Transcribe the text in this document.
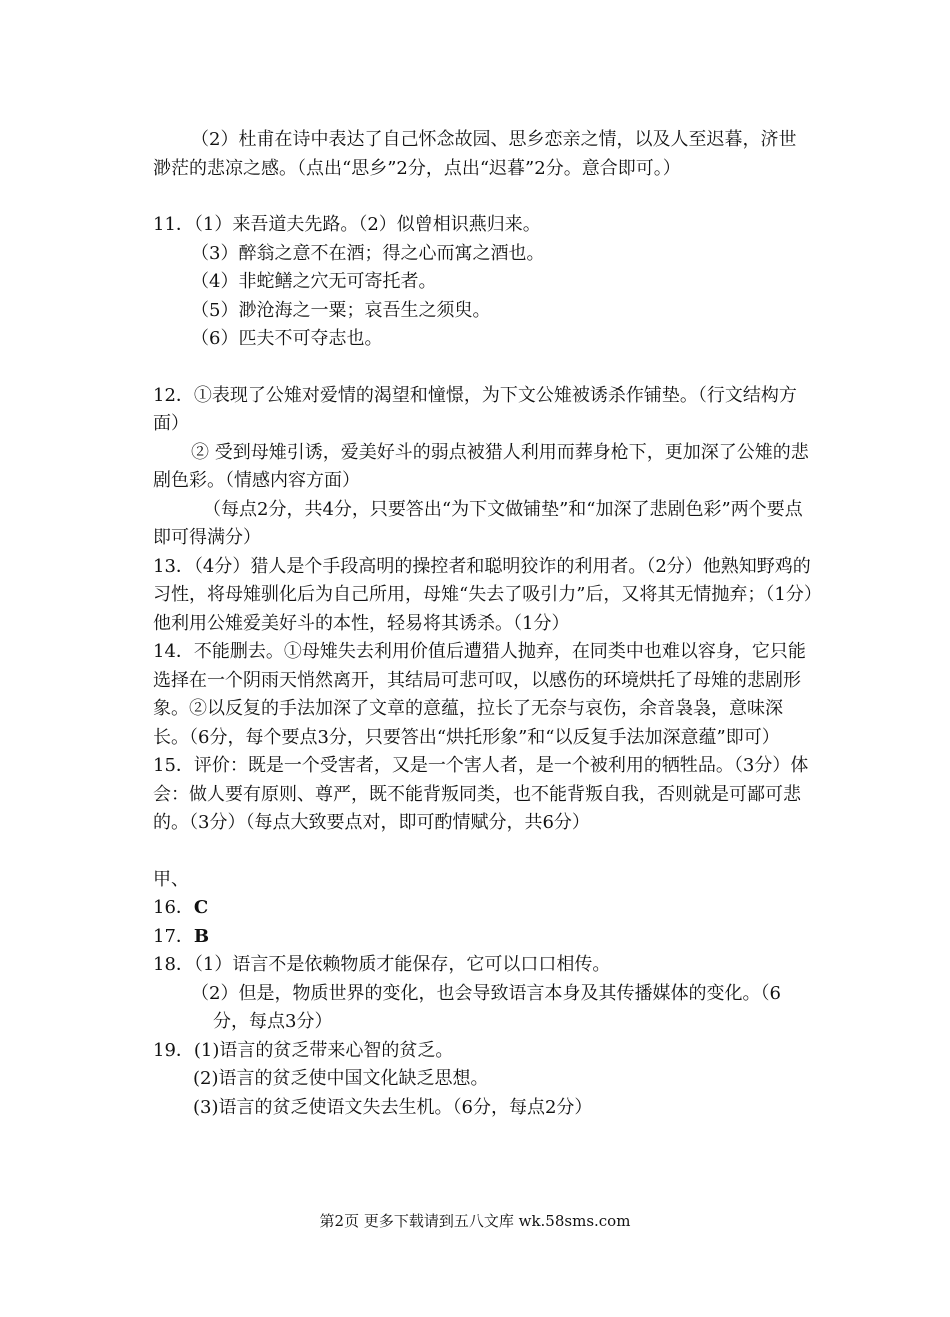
（2）杜甫在诗中表达了自己怀念故园、思乡恋亲之情，以及人至迟暮，济世渺茫的悲凉之感。（点出“思乡”2分，点出“迟暮”2分。意合即可。）

11．（1）来吾道夫先路。（2）似曾相识燕归来。

（3）醉翁之意不在酒；得之心而寓之酒也。

（4）非蛇鳝之穴无可寄托者。

（5）渺沧海之一粟；哀吾生之须臾。

（6）匹夫不可夺志也。

12．①表现了公雉对爱情的渴望和憧憬，为下文公雉被诱杀作铺垫。（行文结构方面）

② 受到母雉引诱，爱美好斗的弱点被猎人利用而葬身枪下，更加深了公雉的悲剧色彩。（情感内容方面）

（每点2分，共4分，只要答出“为下文做铺垫”和“加深了悲剧色彩”两个要点即可得满分）

13．（4分）猎人是个手段高明的操控者和聪明狡诈的利用者。（2分）他熟知野鸡的习性，将母雉驯化后为自己所用，母雉“失去了吸引力”后，又将其无情抛弃；（1分）他利用公雉爱美好斗的本性，轻易将其诱杀。（1分）

14．不能删去。①母雉失去利用价值后遭猎人抛弃，在同类中也难以容身，它只能选择在一个阴雨天悄然离开，其结局可悲可叹，以感伤的环境烘托了母雉的悲剧形象。②以反复的手法加深了文章的意蕴，拉长了无奈与哀伤，余音袅袅，意味深长。（6分，每个要点3分，只要答出“烘托形象”和“以反复手法加深意蕴”即可）

15．评价：既是一个受害者，又是一个害人者，是一个被利用的牺牲品。（3分）体会：做人要有原则、尊严，既不能背叛同类，也不能背叛自我，否则就是可鄙可悲的。（3分）（每点大致要点对，即可酌情赋分，共6分）

甲、

16．C

17．B

18．（1）语言不是依赖物质才能保存，它可以口口相传。

（2）但是，物质世界的变化，也会导致语言本身及其传播媒体的变化。（6分，每点3分）

19．(1)语言的贫乏带来心智的贫乏。

(2)语言的贫乏使中国文化缺乏思想。

(3)语言的贫乏使语文失去生机。（6分，每点2分）

第2页 更多下载请到五八文库 wk.58sms.com
